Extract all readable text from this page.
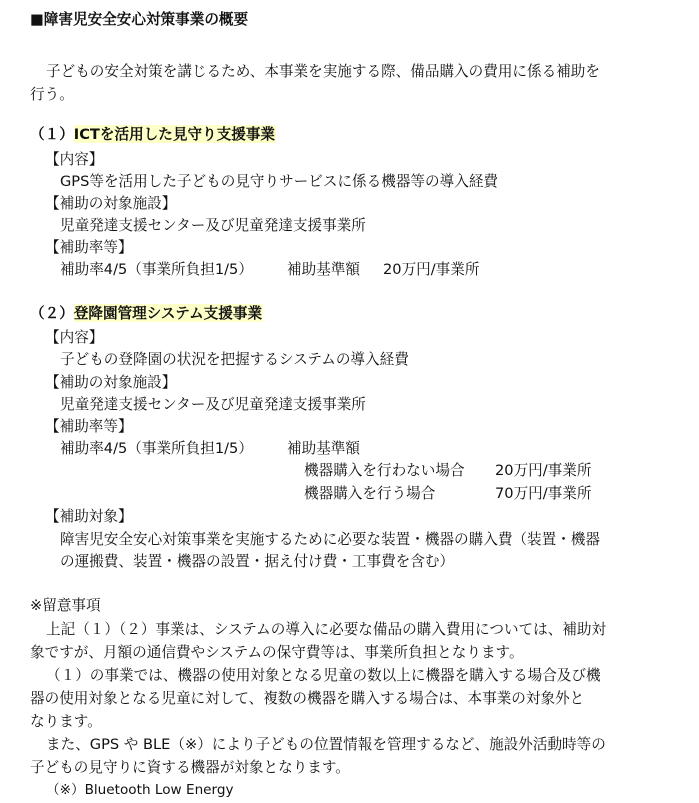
■障害児安全安心対策事業の概要
子どもの安全対策を講じるため、本事業を実施する際、備品購入の費用に係る補助を
行う。
（１）ICTを活用した見守り支援事業
【内容】
GPS等を活用した子どもの見守りサービスに係る機器等の導入経費
【補助の対象施設】
児童発達支援センター及び児童発達支援事業所
【補助率等】
補助率4/5（事業所負担1/5） 補助基準額 20万円/事業所
（２）登降園管理システム支援事業
【内容】
子どもの登降園の状況を把握するシステムの導入経費
【補助の対象施設】
児童発達支援センター及び児童発達支援事業所
【補助率等】
補助率4/5（事業所負担1/5） 補助基準額
機器購入を行わない場合 20万円/事業所
機器購入を行う場合	70万円/事業所
【補助対象】
障害児安全安心対策事業を実施するために必要な装置・機器の購入費（装置・機器
の運搬費、装置・機器の設置・据え付け費・工事費を含む）
※留意事項
上記（１）（２）事業は、システムの導入に必要な備品の購入費用については、補助対
象ですが、月額の通信費やシステムの保守費等は、事業所負担となります。
（１）の事業では、機器の使用対象となる児童の数以上に機器を購入する場合及び機
器の使用対象となる児童に対して、複数の機器を購入する場合は、本事業の対象外と
なります。
また、GPS や BLE（※）により子どもの位置情報を管理するなど、施設外活動時等の
子どもの見守りに資する機器が対象となります。
（※）Bluetooth Low Energy
